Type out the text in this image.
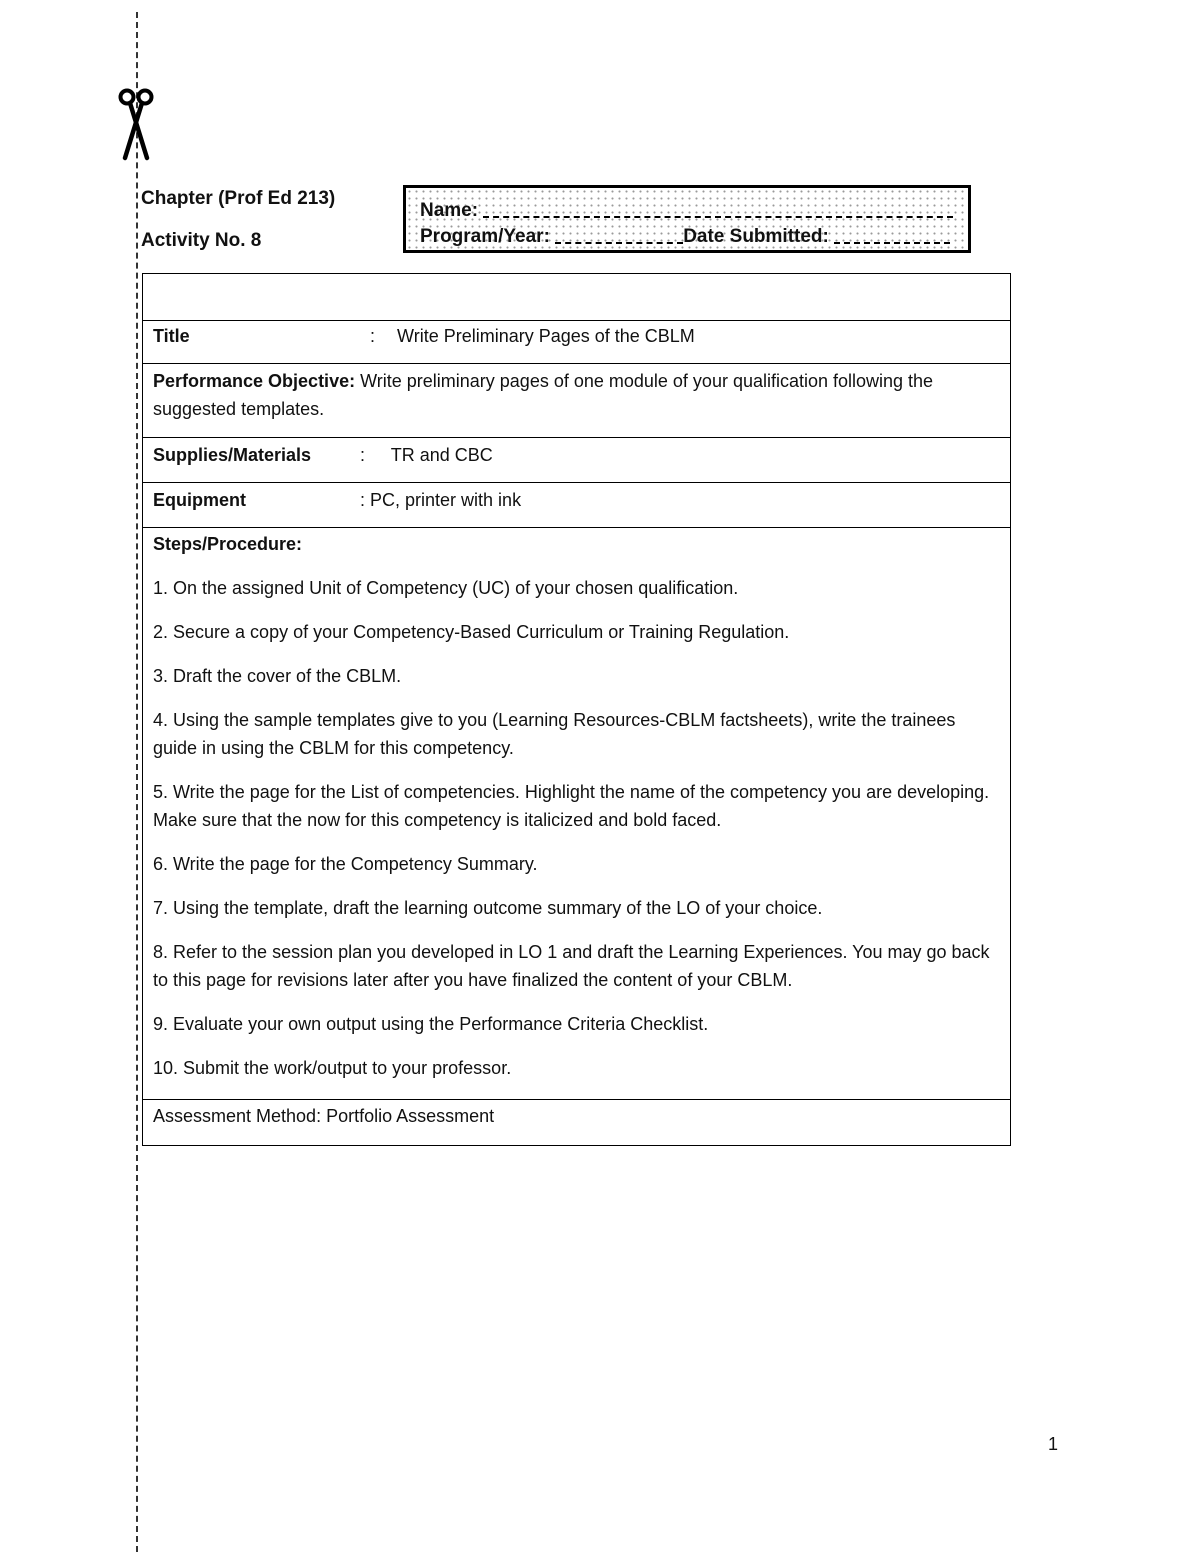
Chapter (Prof Ed 213)
Activity No. 8
Name:
Program/Year:	Date Submitted:
Title	: Write Preliminary Pages of the CBLM
Performance Objective: Write preliminary pages of one module of your qualification following the suggested templates.
Supplies/Materials	: TR and CBC
Equipment	: PC, printer with ink
Steps/Procedure:
1. On the assigned Unit of Competency (UC) of your chosen qualification.
2. Secure a copy of your Competency-Based Curriculum or Training Regulation.
3. Draft the cover of the CBLM.
4. Using the sample templates give to you (Learning Resources-CBLM factsheets), write the trainees guide in using the CBLM for this competency.
5. Write the page for the List of competencies. Highlight the name of the competency you are developing. Make sure that the now for this competency is italicized and bold faced.
6. Write the page for the Competency Summary.
7. Using the template, draft the learning outcome summary of the LO of your choice.
8. Refer to the session plan you developed in LO 1 and draft the Learning Experiences. You may go back to this page for revisions later after you have finalized the content of your CBLM.
9. Evaluate your own output using the Performance Criteria Checklist.
10. Submit the work/output to your professor.
Assessment Method: Portfolio Assessment
1
